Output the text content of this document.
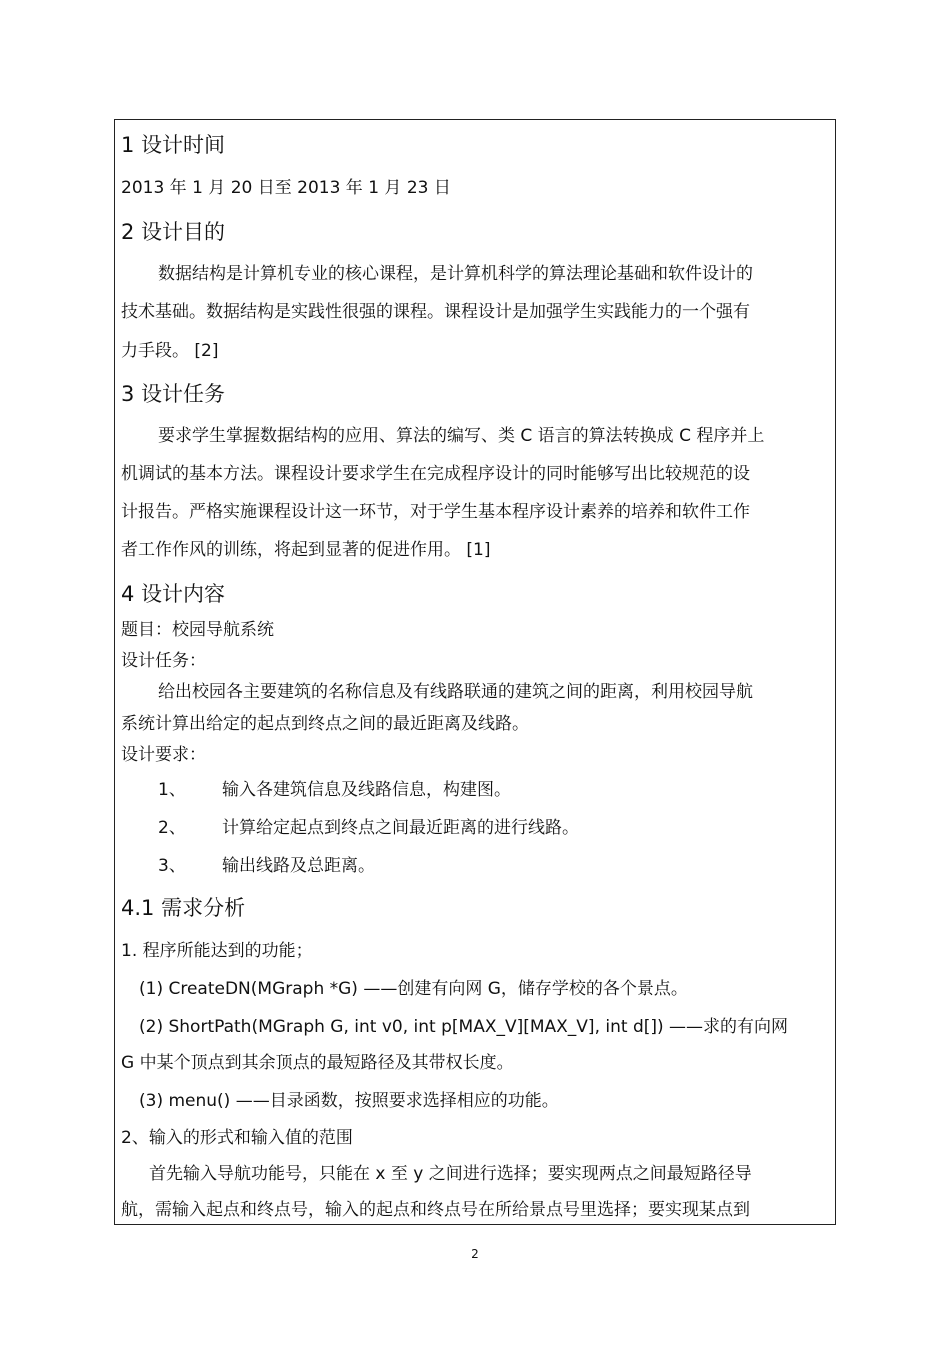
1 设计时间
2013 年 1 月 20 日至 2013 年 1 月 23 日
2 设计目的
数据结构是计算机专业的核心课程，是计算机科学的算法理论基础和软件设计的
技术基础。数据结构是实践性很强的课程。课程设计是加强学生实践能力的一个强有
力手段。 [2]
3 设计任务
要求学生掌握数据结构的应用、算法的编写、类 C 语言的算法转换成 C 程序并上
机调试的基本方法。课程设计要求学生在完成程序设计的同时能够写出比较规范的设
计报告。严格实施课程设计这一环节，对于学生基本程序设计素养的培养和软件工作
者工作作风的训练，将起到显著的促进作用。 [1]
4 设计内容
题目：校园导航系统
设计任务：
给出校园各主要建筑的名称信息及有线路联通的建筑之间的距离，利用校园导航
系统计算出给定的起点到终点之间的最近距离及线路。
设计要求：
1、 输入各建筑信息及线路信息，构建图。
2、 计算给定起点到终点之间最近距离的进行线路。
3、 输出线路及总距离。
4.1 需求分析
1. 程序所能达到的功能；
(1) CreateDN(MGraph *G) ——创建有向网 G，储存学校的各个景点。
(2) ShortPath(MGraph G, int v0, int p[MAX_V][MAX_V], int d[]) ——求的有向网
G 中某个顶点到其余顶点的最短路径及其带权长度。
(3) menu() ——目录函数，按照要求选择相应的功能。
2、输入的形式和输入值的范围
首先输入导航功能号，只能在 x 至 y 之间进行选择；要实现两点之间最短路径导
航，需输入起点和终点号，输入的起点和终点号在所给景点号里选择；要实现某点到
2
